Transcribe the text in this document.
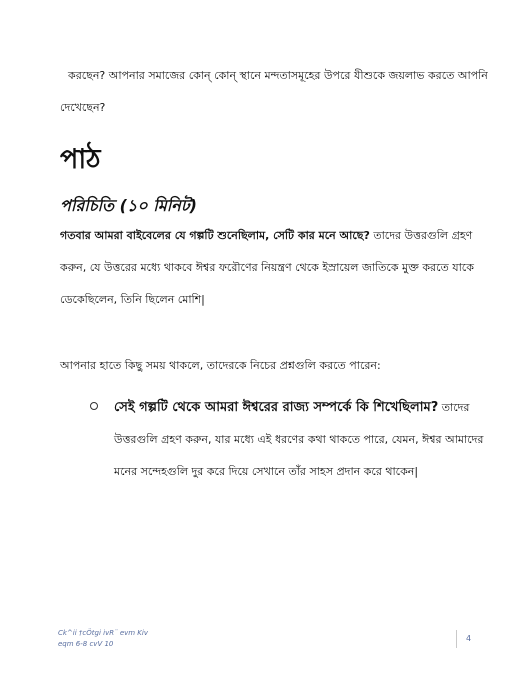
করছেন? আপনার সমাজের কোন্‌ কোন্‌ স্থানে মন্দতাসমূহের উপরে যীশুকে জয়লাভ করতে আপনি
দেখেছেন?

পাঠ
পরিচিতি (১০ মিনিট)

গতবার আমরা বাইবেলের যে গল্পটি শুনেছিলাম, সেটি কার মনে আছে? তাদের উত্তরগুলি গ্রহণ করুন, যে উত্তরের মধ্যে থাকবে ঈশ্বর ফরৌণের নিয়ন্ত্রণ থেকে ইস্রায়েল জাতিকে মুক্ত করতে যাকে ডেকেছিলেন, তিনি ছিলেন মোশি|

আপনার হাতে কিছু সময় থাকলে, তাদেরকে নিচের প্রশ্নগুলি করতে পারেন:

সেই গল্পটি থেকে আমরা ঈশ্বরের রাজ্য সম্পর্কে কি শিখেছিলাম? তাদের উত্তরগুলি গ্রহণ করুন, যার মধ্যে এই ধরণের কথা থাকতে পারে, যেমন, ঈশ্বর আমাদের মনের সন্দেহগুলি দুর করে দিয়ে সেখানে তাঁর সাহস প্রদান করে থাকেন|

Ck^ii †cÖtgi ivR¨ evm Kiv
eqm 6-8 cvV 10
4
